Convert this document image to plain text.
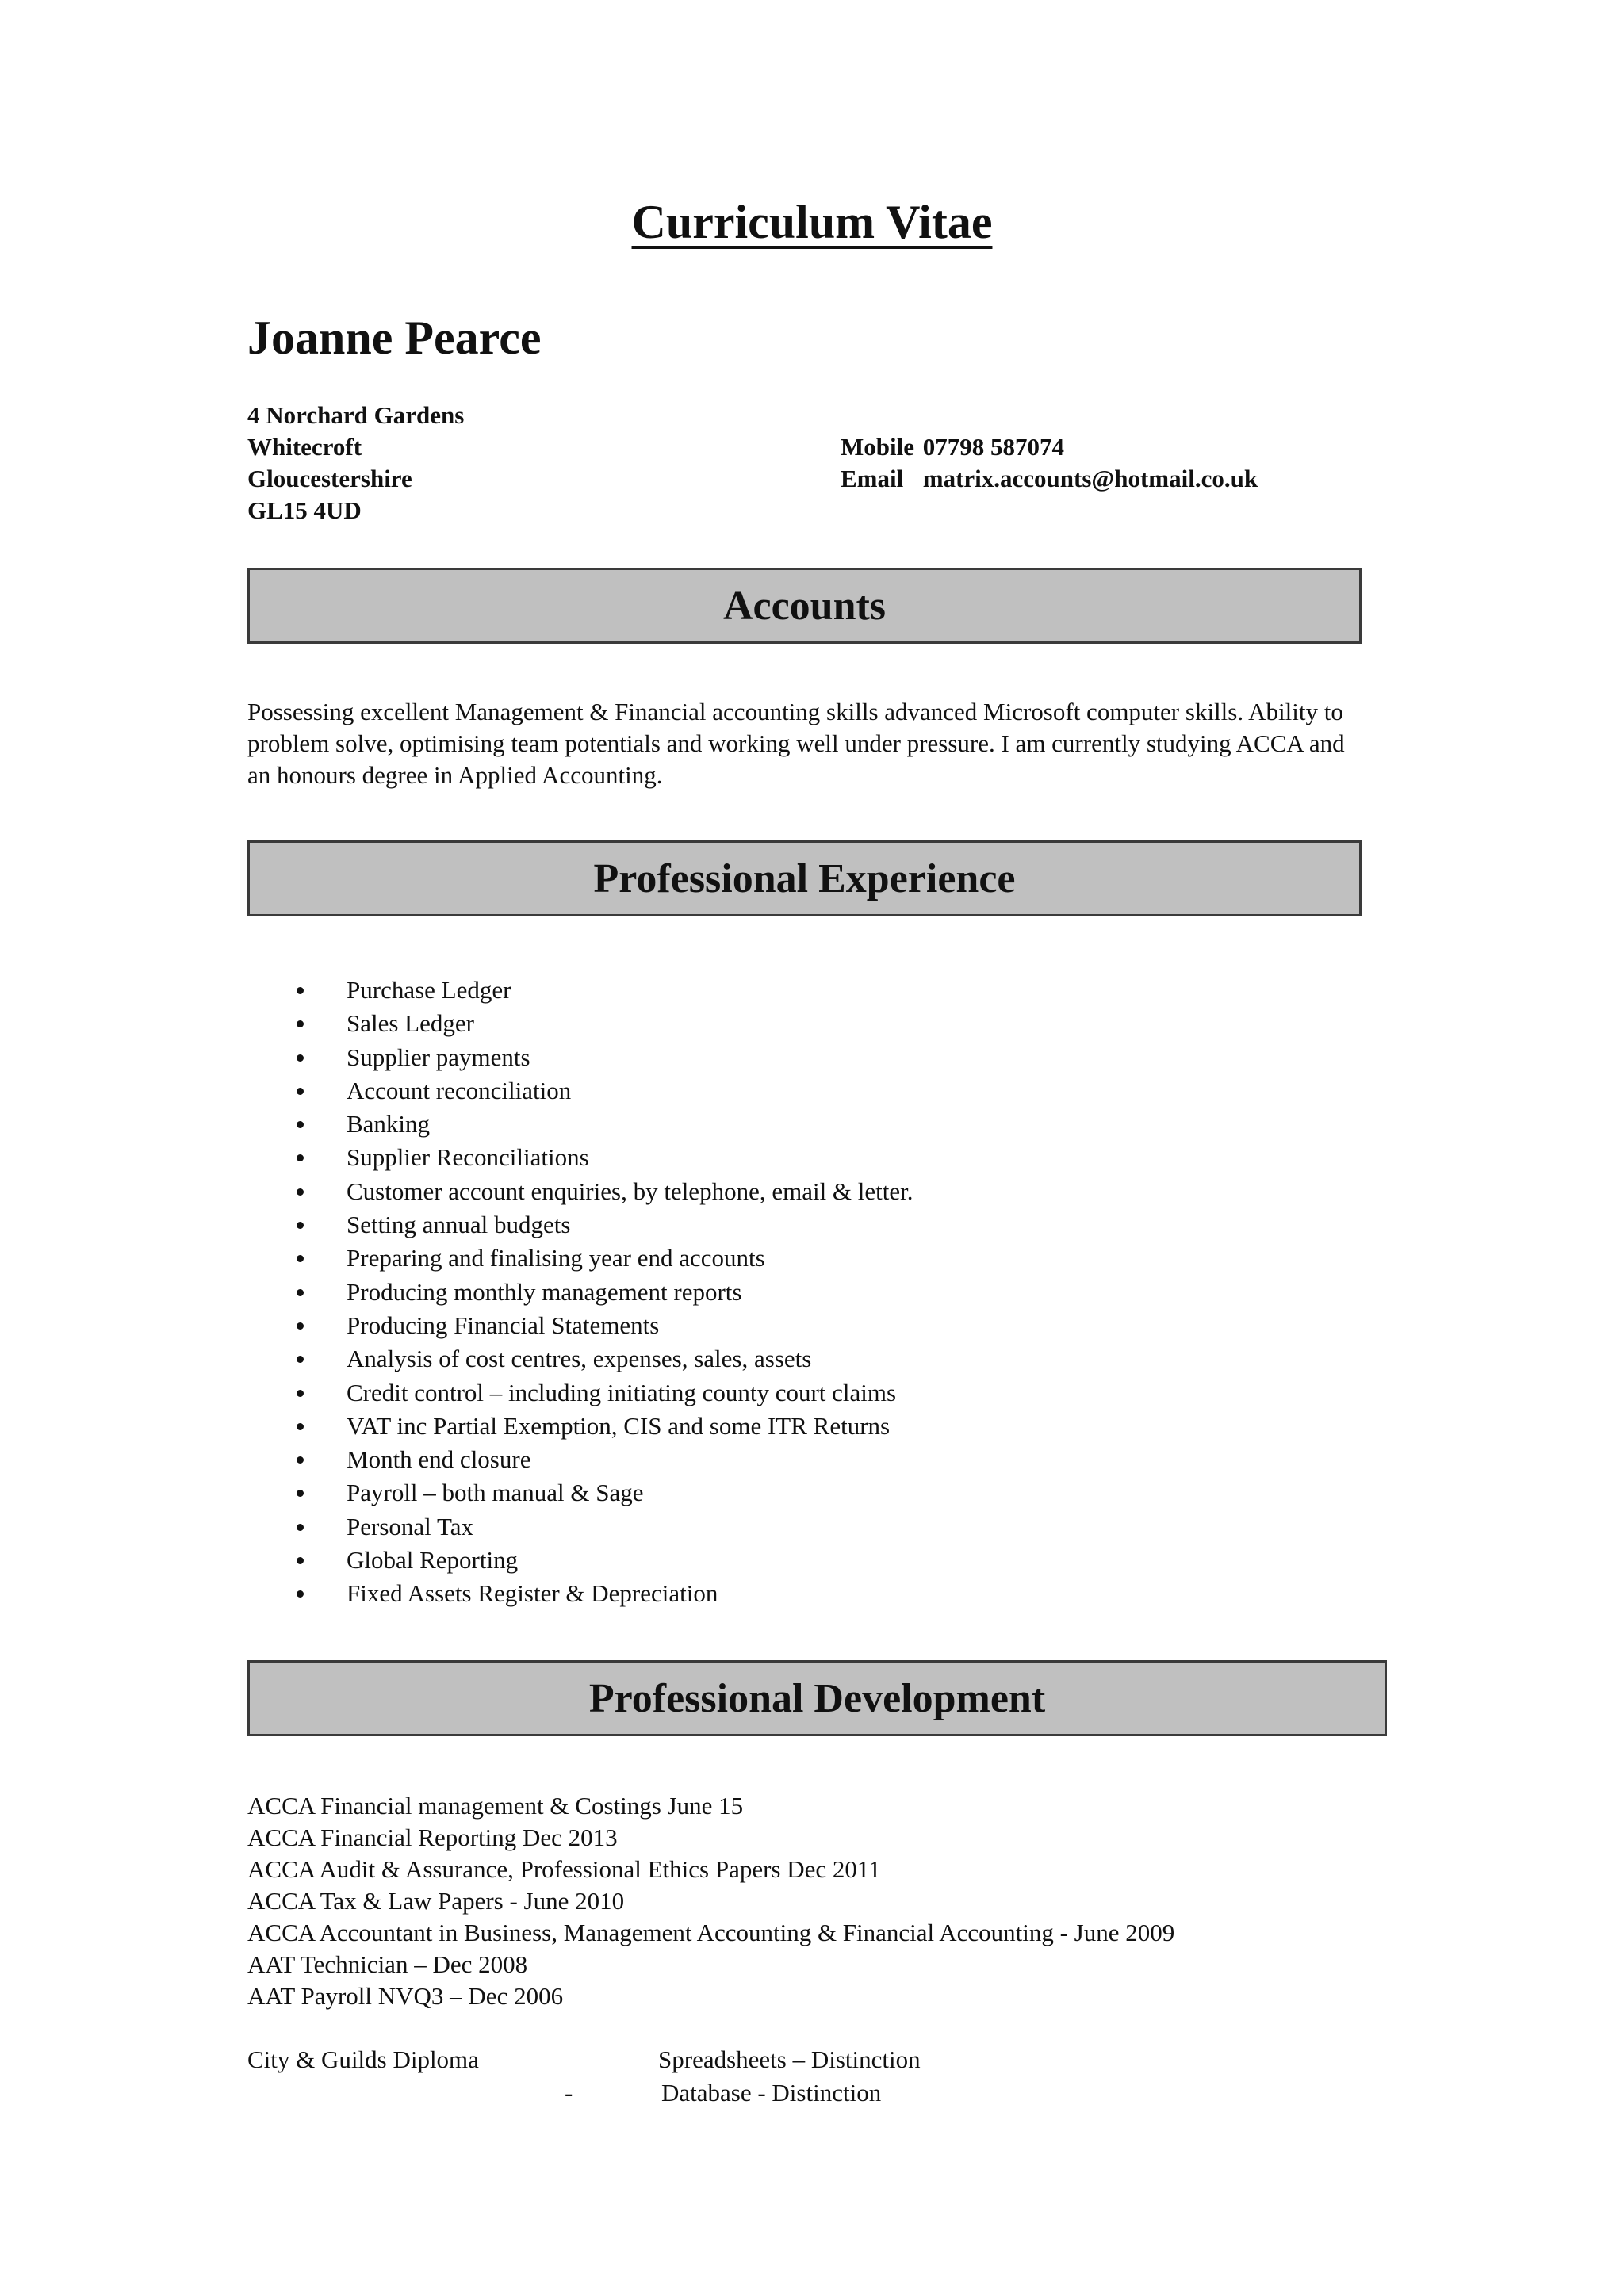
Curriculum Vitae
Joanne Pearce
4 Norchard Gardens
Whitecroft
Gloucestershire
GL15 4UD
Mobile 07798 587074
Email matrix.accounts@hotmail.co.uk
Accounts
Possessing excellent Management & Financial accounting skills advanced Microsoft computer skills. Ability to problem solve, optimising team potentials and working well under pressure. I am currently studying ACCA and an honours degree in Applied Accounting.
Professional Experience
Purchase Ledger
Sales Ledger
Supplier payments
Account reconciliation
Banking
Supplier Reconciliations
Customer account enquiries, by telephone, email & letter.
Setting annual budgets
Preparing and finalising year end accounts
Producing monthly management reports
Producing Financial Statements
Analysis of cost centres, expenses, sales, assets
Credit control – including initiating county court claims
VAT inc Partial Exemption, CIS and some ITR Returns
Month end closure
Payroll – both manual & Sage
Personal Tax
Global Reporting
Fixed Assets Register & Depreciation
Professional Development
ACCA Financial management & Costings June 15
ACCA Financial Reporting Dec 2013
ACCA Audit & Assurance, Professional Ethics Papers Dec 2011
ACCA Tax & Law Papers - June 2010
ACCA Accountant in Business, Management Accounting & Financial Accounting - June 2009
AAT Technician – Dec 2008
AAT Payroll NVQ3 – Dec 2006
City & Guilds Diploma	Spreadsheets – Distinction
-	Database - Distinction
